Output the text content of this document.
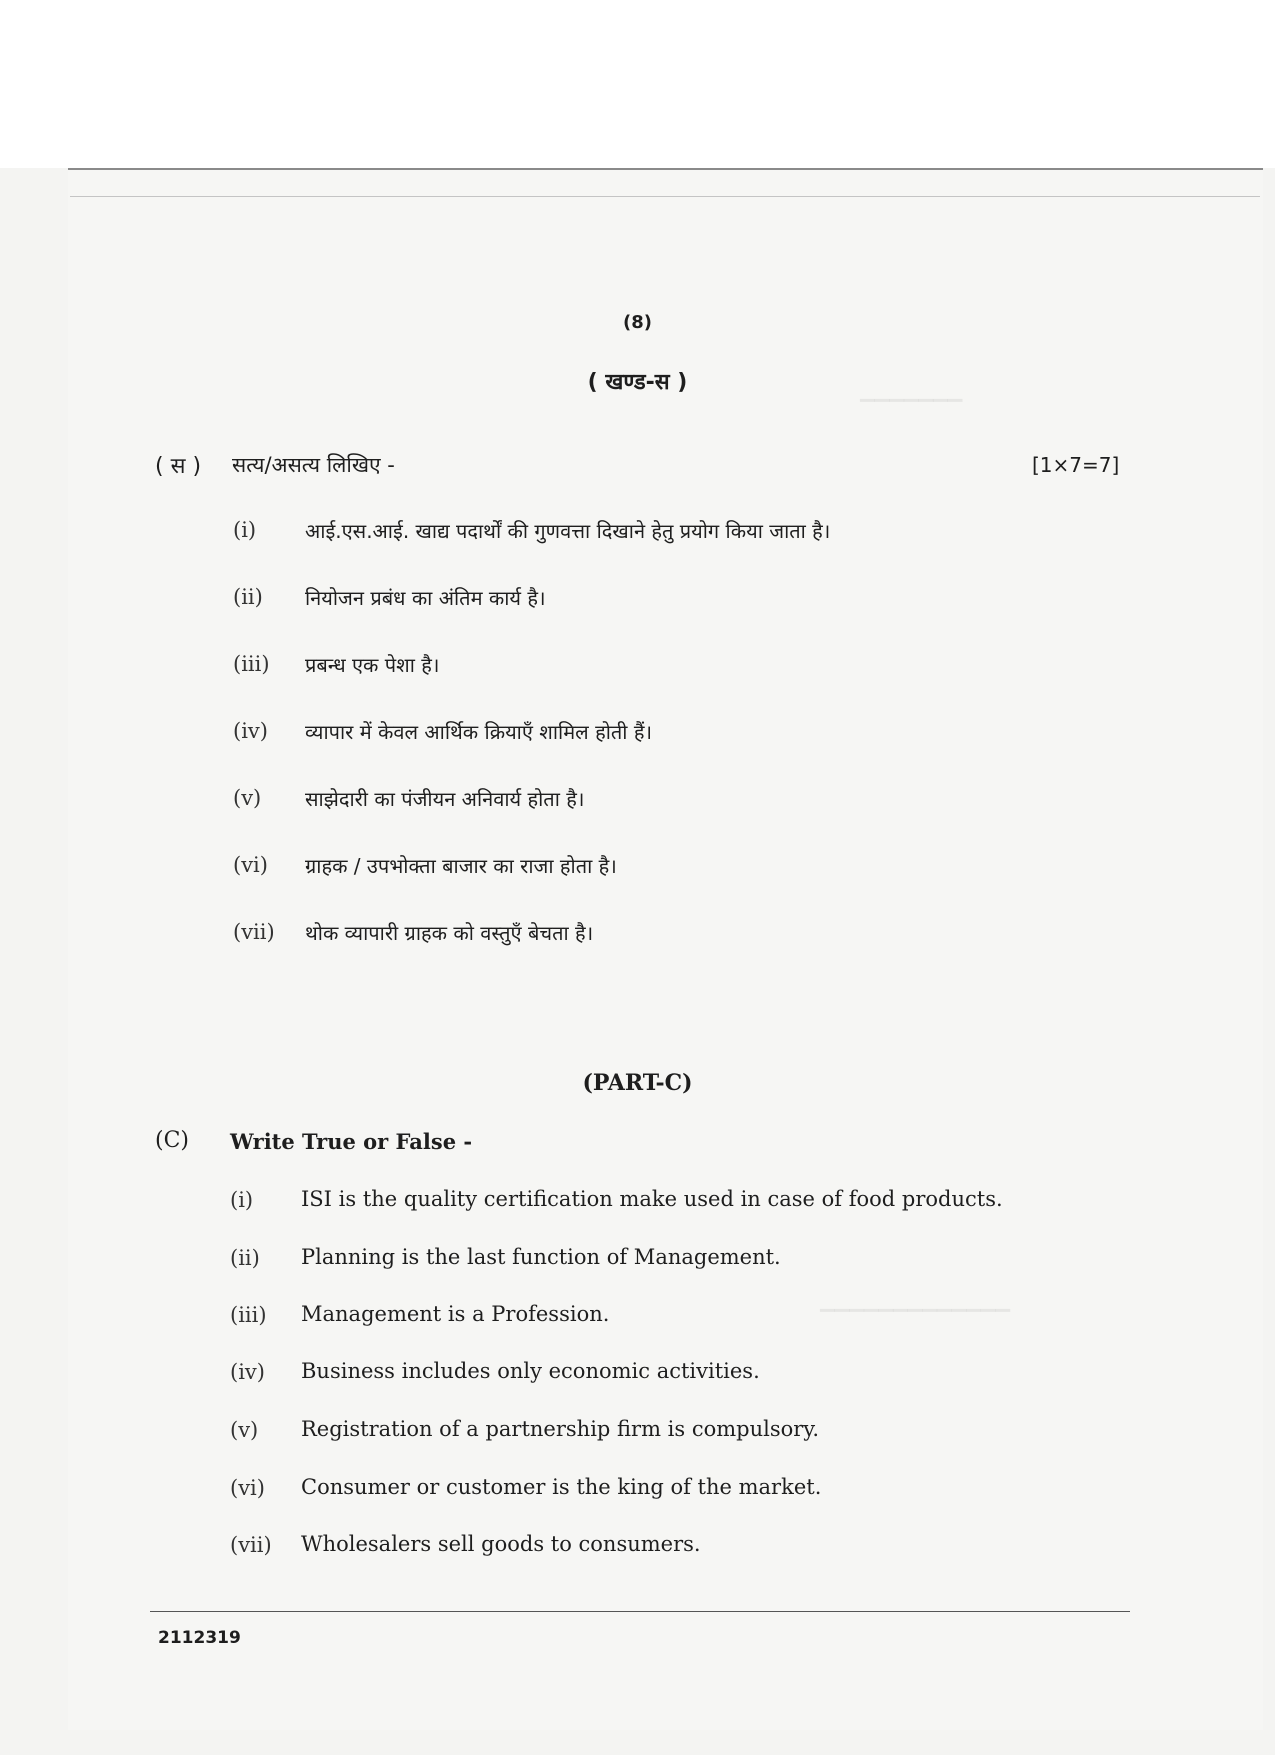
▁▁▁▁▁▁▁
▁▁▁▁▁▁▁▁▁▁▁▁▁
(8)
( खण्ड-स )
( स ) सत्य/असत्य लिखिए -	[1×7=7]
(i) आई.एस.आई. खाद्य पदार्थों की गुणवत्ता दिखाने हेतु प्रयोग किया जाता है।
(ii) नियोजन प्रबंध का अंतिम कार्य है।
(iii) प्रबन्ध एक पेशा है।
(iv) व्यापार में केवल आर्थिक क्रियाएँ शामिल होती हैं।
(v) साझेदारी का पंजीयन अनिवार्य होता है।
(vi) ग्राहक / उपभोक्ता बाजार का राजा होता है।
(vii) थोक व्यापारी ग्राहक को वस्तुएँ बेचता है।
(PART-C)
(C) Write True or False -
(i) ISI is the quality certification make used in case of food products.
(ii) Planning is the last function of Management.
(iii) Management is a Profession.
(iv) Business includes only economic activities.
(v) Registration of a partnership firm is compulsory.
(vi) Consumer or customer is the king of the market.
(vii) Wholesalers sell goods to consumers.
2112319
